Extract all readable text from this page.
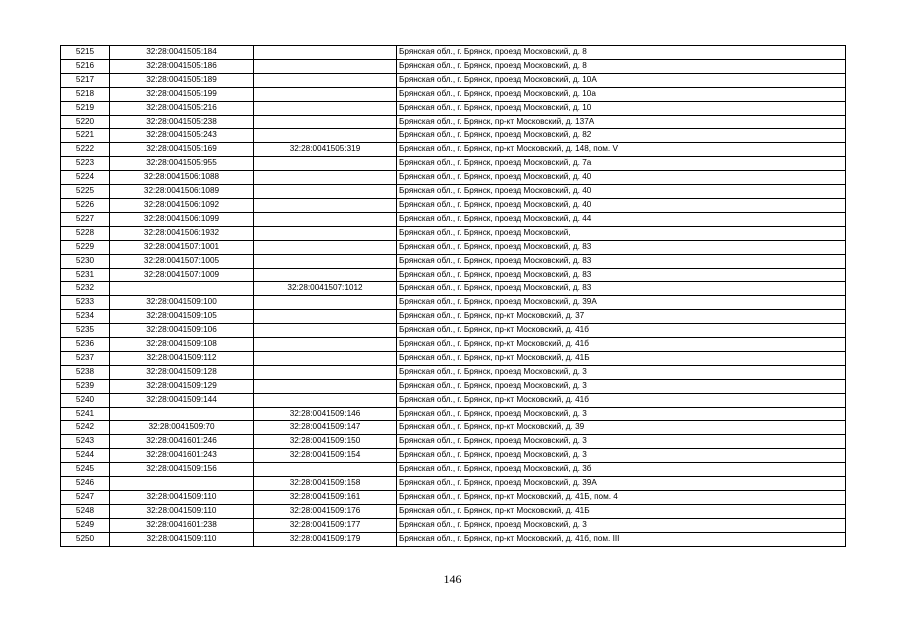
5215	32:28:0041505:184		Брянская обл., г. Брянск, проезд Московский, д. 8
5216	32:28:0041505:186		Брянская обл., г. Брянск, проезд Московский, д. 8
5217	32:28:0041505:189		Брянская обл., г. Брянск, проезд Московский, д. 10А
5218	32:28:0041505:199		Брянская обл., г. Брянск, проезд Московский, д. 10а
5219	32:28:0041505:216		Брянская обл., г. Брянск, проезд Московский, д. 10
5220	32:28:0041505:238		Брянская обл., г. Брянск, пр-кт Московский, д. 137А
5221	32:28:0041505:243		Брянская обл., г. Брянск, проезд Московский, д. 82
5222	32:28:0041505:169	32:28:0041505:319	Брянская обл., г. Брянск, пр-кт Московский, д. 148, пом. V
5223	32:28:0041505:955		Брянская обл., г. Брянск, проезд Московский, д. 7а
5224	32:28:0041506:1088		Брянская обл., г. Брянск, проезд Московский, д. 40
5225	32:28:0041506:1089		Брянская обл., г. Брянск, проезд Московский, д. 40
5226	32:28:0041506:1092		Брянская обл., г. Брянск, проезд Московский, д. 40
5227	32:28:0041506:1099		Брянская обл., г. Брянск, проезд Московский, д. 44
5228	32:28:0041506:1932		Брянская обл., г. Брянск, проезд Московский,
5229	32:28:0041507:1001		Брянская обл., г. Брянск, проезд Московский, д. 83
5230	32:28:0041507:1005		Брянская обл., г. Брянск, проезд Московский, д. 83
5231	32:28:0041507:1009		Брянская обл., г. Брянск, проезд Московский, д. 83
5232		32:28:0041507:1012	Брянская обл., г. Брянск, проезд Московский, д. 83
5233	32:28:0041509:100		Брянская обл., г. Брянск, проезд Московский, д. 39А
5234	32:28:0041509:105		Брянская обл., г. Брянск, пр-кт Московский, д. 37
5235	32:28:0041509:106		Брянская обл., г. Брянск, пр-кт Московский, д. 41б
5236	32:28:0041509:108		Брянская обл., г. Брянск, пр-кт Московский, д. 41б
5237	32:28:0041509:112		Брянская обл., г. Брянск, пр-кт Московский, д. 41Б
5238	32:28:0041509:128		Брянская обл., г. Брянск, проезд Московский, д. 3
5239	32:28:0041509:129		Брянская обл., г. Брянск, проезд Московский, д. 3
5240	32:28:0041509:144		Брянская обл., г. Брянск, пр-кт Московский, д. 41б
5241		32:28:0041509:146	Брянская обл., г. Брянск, проезд Московский, д. 3
5242	32:28:0041509:70	32:28:0041509:147	Брянская обл., г. Брянск, пр-кт Московский, д. 39
5243	32:28:0041601:246	32:28:0041509:150	Брянская обл., г. Брянск, проезд Московский, д. 3
5244	32:28:0041601:243	32:28:0041509:154	Брянская обл., г. Брянск, проезд Московский, д. 3
5245	32:28:0041509:156		Брянская обл., г. Брянск, проезд Московский, д. 3б
5246		32:28:0041509:158	Брянская обл., г. Брянск, проезд Московский, д. 39А
5247	32:28:0041509:110	32:28:0041509:161	Брянская обл., г. Брянск, пр-кт Московский, д. 41Б, пом. 4
5248	32:28:0041509:110	32:28:0041509:176	Брянская обл., г. Брянск, пр-кт Московский, д. 41Б
5249	32:28:0041601:238	32:28:0041509:177	Брянская обл., г. Брянск, проезд Московский, д. 3
5250	32:28:0041509:110	32:28:0041509:179	Брянская обл., г. Брянск, пр-кт Московский, д. 41б, пом. III
146
